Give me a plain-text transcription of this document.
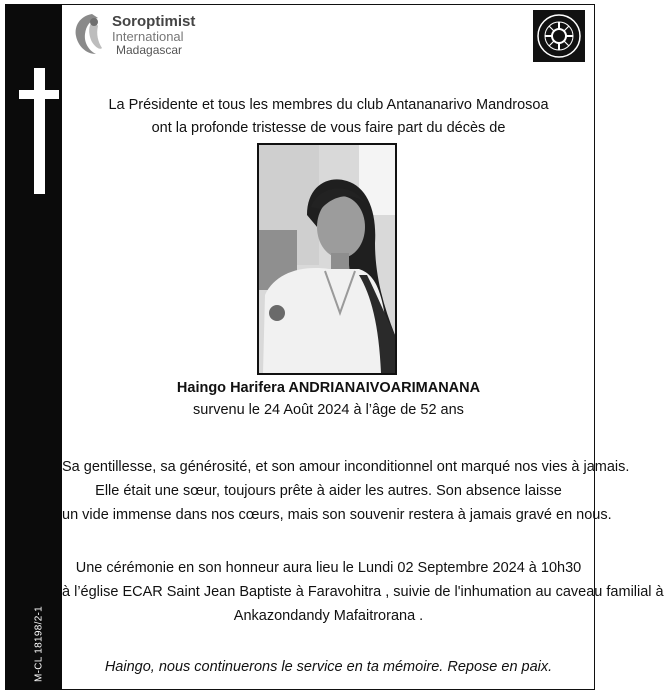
M-CL 18198/2-1
Soroptimist
International
Madagascar
La Présidente et tous les membres du club Antananarivo Mandrosoa
ont la profonde tristesse de vous faire part du décès de
Haingo Harifera ANDRIANAIVOARIMANANA
survenu le 24 Août 2024 à l’âge de 52 ans
Sa gentillesse, sa générosité, et son amour inconditionnel ont marqué nos vies à jamais.
Elle était une sœur, toujours prête à aider les autres. Son absence laisse
un vide immense dans nos cœurs, mais son souvenir restera à jamais gravé en nous.
Une cérémonie en son honneur aura lieu le Lundi 02 Septembre 2024 à 10h30
à l’église ECAR Saint Jean Baptiste à Faravohitra , suivie de l'inhumation au caveau familial à
Ankazondandy Mafaitrorana .
Haingo, nous continuerons le service en ta mémoire. Repose en paix.
